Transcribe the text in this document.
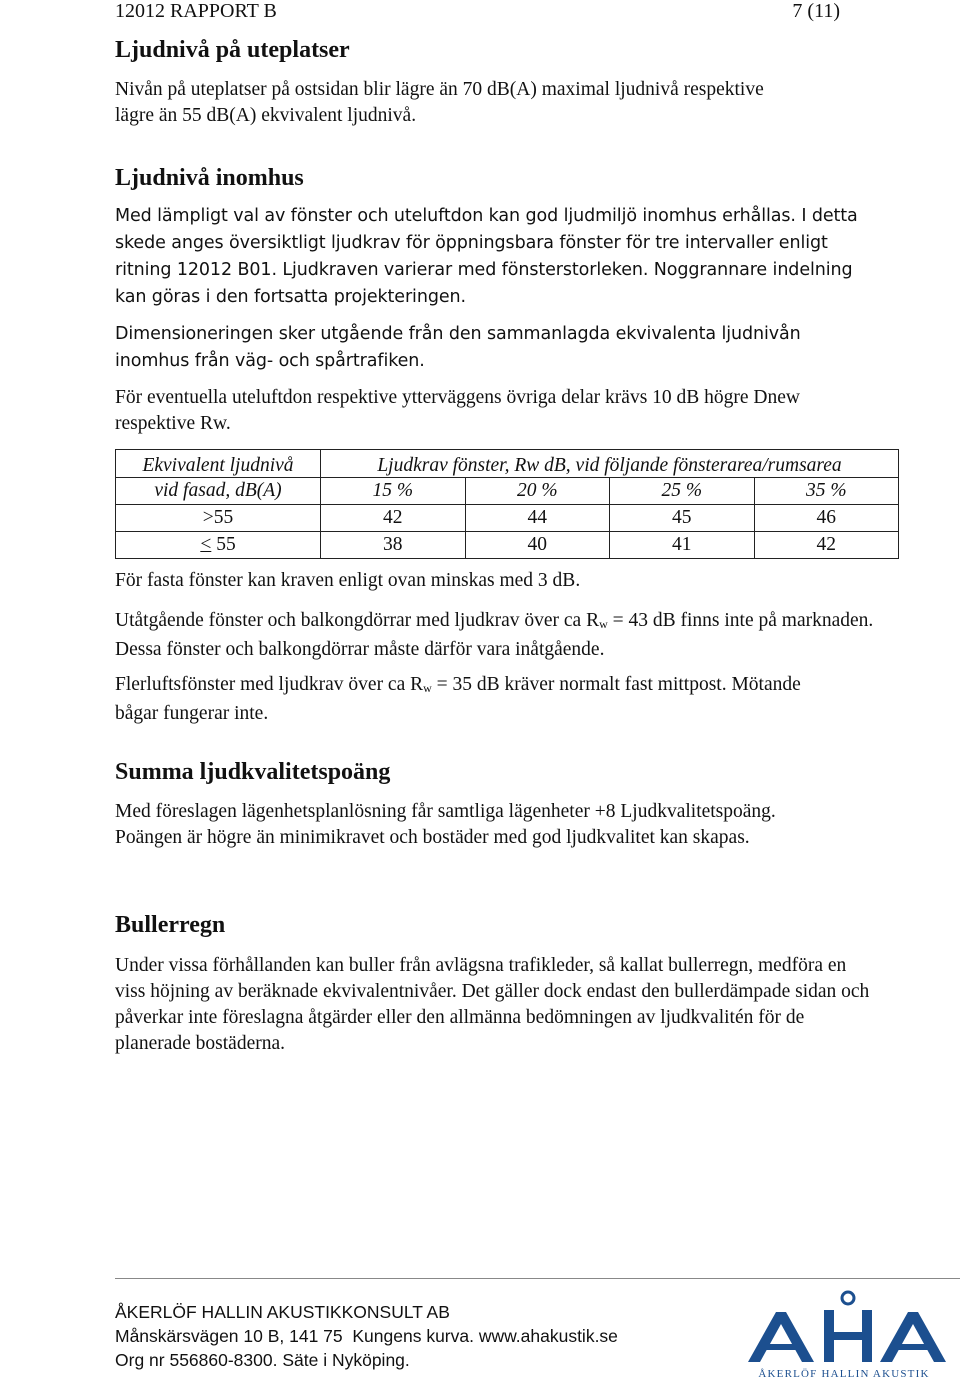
12012 RAPPORT B	7 (11)
Ljudnivå på uteplatser

Nivån på uteplatser på ostsidan blir lägre än 70 dB(A) maximal ljudnivå respektive lägre än 55 dB(A) ekvivalent ljudnivå.

Ljudnivå inomhus

Med lämpligt val av fönster och uteluftdon kan god ljudmiljö inomhus erhållas. I detta skede anges översiktligt ljudkrav för öppningsbara fönster för tre intervaller enligt ritning 12012 B01. Ljudkraven varierar med fönsterstorleken. Noggrannare indelning kan göras i den fortsatta projekteringen.

Dimensioneringen sker utgående från den sammanlagda ekvivalenta ljudnivån inomhus från väg- och spårtrafiken.

För eventuella uteluftdon respektive ytterväggens övriga delar krävs 10 dB högre Dnew respektive Rw.

Ekvivalent ljudnivå	Ljudkrav fönster, Rw dB, vid följande fönsterarea/rumsarea			
vid fasad, dB(A)	15 %	20 %	25 %	35 %
>55	42	44	45	46
< 55	38	40	41	42

För fasta fönster kan kraven enligt ovan minskas med 3 dB.

Utåtgående fönster och balkongdörrar med ljudkrav över ca $R_w = 43$ dB finns inte på marknaden. Dessa fönster och balkongdörrar måste därför vara inåtgående.

Flerluftsfönster med ljudkrav över ca $R_w = 35$ dB kräver normalt fast mittpost. Mötande bågar fungerar inte.

Summa ljudkvalitetspoäng

Med föreslagen lägenhetsplanlösning får samtliga lägenheter +8 Ljudkvalitetspoäng. Poängen är högre än minimikravet och bostäder med god ljudkvalitet kan skapas.

Bullerregn

Under vissa förhållanden kan buller från avlägsna trafikleder, så kallat bullerregn, medföra en viss höjning av beräknade ekvivalentnivåer. Det gäller dock endast den bullerdämpade sidan och påverkar inte föreslagna åtgärder eller den allmänna bedömningen av ljudkvalitén för de planerade bostäderna.

ÅKERLÖF HALLIN AKUSTIKKONSULT AB
Månskärsvägen 10 B, 141 75  Kungens kurva. www.ahakustik.se
Org nr 556860-8300. Säte i Nyköping.
ÅKERLÖF HALLIN AKUSTIK
